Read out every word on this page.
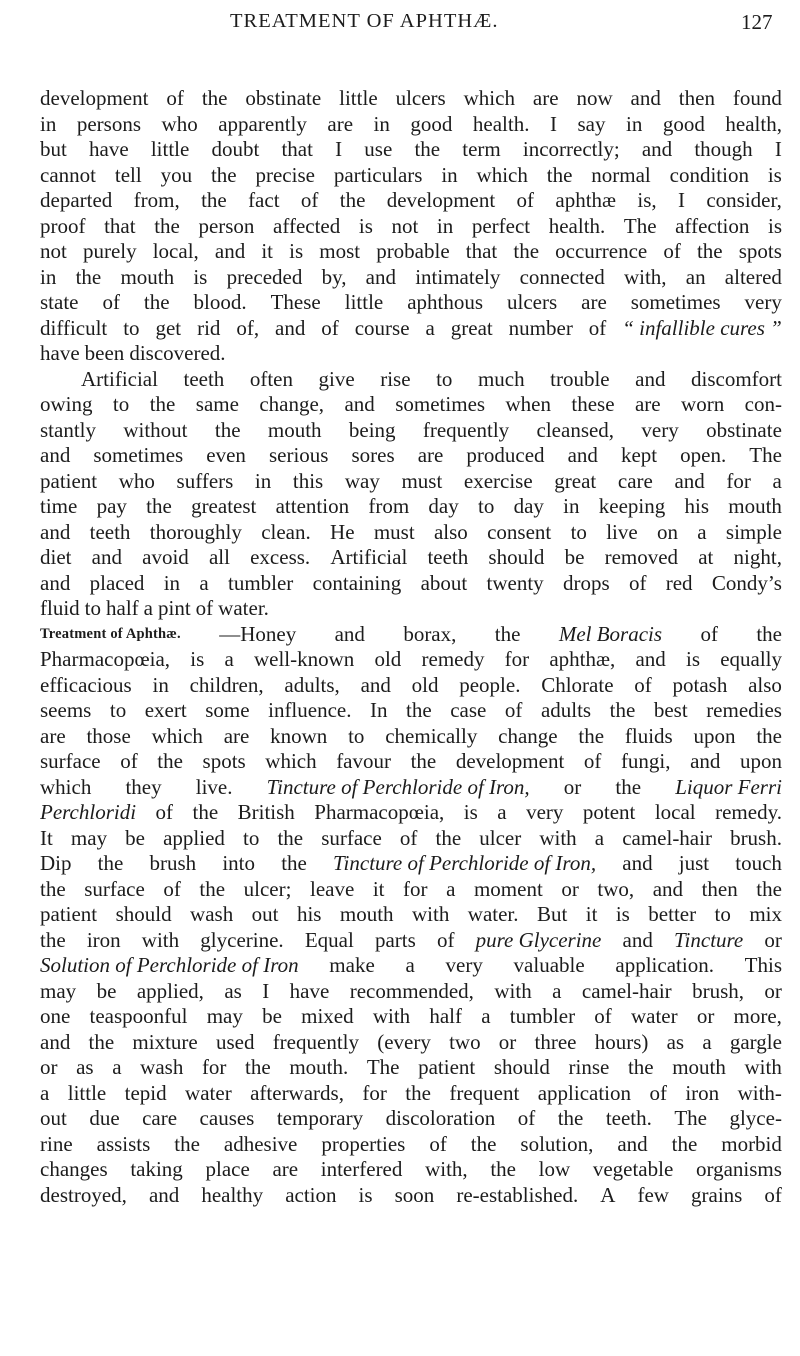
TREATMENT OF APHTHÆ.	127
development of the obstinate little ulcers which are now and then found
in persons who apparently are in good health. I say in good health,
but have little doubt that I use the term incorrectly; and though I
cannot tell you the precise particulars in which the normal condition is
departed from, the fact of the development of aphthæ is, I consider,
proof that the person affected is not in perfect health. The affection is
not purely local, and it is most probable that the occurrence of the spots
in the mouth is preceded by, and intimately connected with, an altered
state of the blood. These little aphthous ulcers are sometimes very
difficult to get rid of, and of course a great number of “ infallible cures ”
have been discovered.
Artificial teeth often give rise to much trouble and discomfort
owing to the same change, and sometimes when these are worn con-
stantly without the mouth being frequently cleansed, very obstinate
and sometimes even serious sores are produced and kept open. The
patient who suffers in this way must exercise great care and for a
time pay the greatest attention from day to day in keeping his mouth
and teeth thoroughly clean. He must also consent to live on a simple
diet and avoid all excess. Artificial teeth should be removed at night,
and placed in a tumbler containing about twenty drops of red Condy’s
fluid to half a pint of water.
Treatment of Aphthæ. —Honey and borax, the Mel Boracis of the
Pharmacopœia, is a well-known old remedy for aphthæ, and is equally
efficacious in children, adults, and old people. Chlorate of potash also
seems to exert some influence. In the case of adults the best remedies
are those which are known to chemically change the fluids upon the
surface of the spots which favour the development of fungi, and upon
which they live. Tincture of Perchloride of Iron, or the Liquor Ferri
Perchloridi of the British Pharmacopœia, is a very potent local remedy.
It may be applied to the surface of the ulcer with a camel-hair brush.
Dip the brush into the Tincture of Perchloride of Iron, and just touch
the surface of the ulcer; leave it for a moment or two, and then the
patient should wash out his mouth with water. But it is better to mix
the iron with glycerine. Equal parts of pure Glycerine and Tincture or
Solution of Perchloride of Iron make a very valuable application. This
may be applied, as I have recommended, with a camel-hair brush, or
one teaspoonful may be mixed with half a tumbler of water or more,
and the mixture used frequently (every two or three hours) as a gargle
or as a wash for the mouth. The patient should rinse the mouth with
a little tepid water afterwards, for the frequent application of iron with-
out due care causes temporary discoloration of the teeth. The glyce-
rine assists the adhesive properties of the solution, and the morbid
changes taking place are interfered with, the low vegetable organisms
destroyed, and healthy action is soon re-established. A few grains of
